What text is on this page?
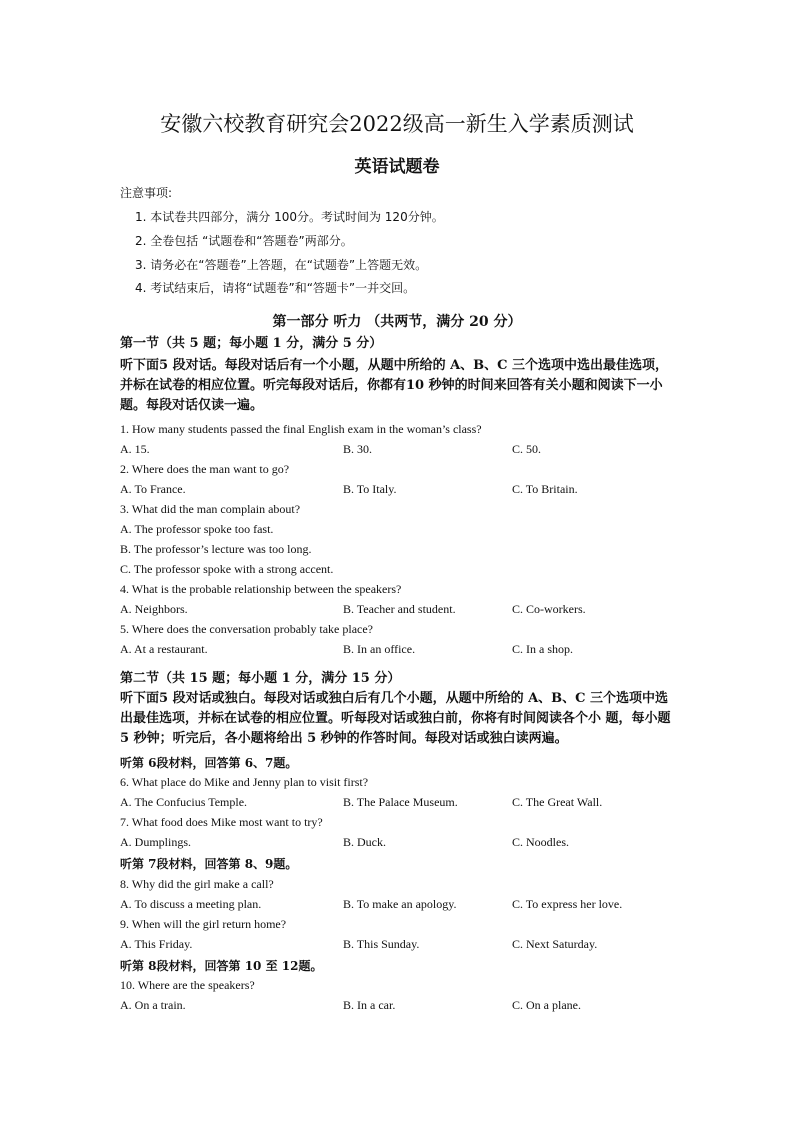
安徽六校教育研究会2022级高一新生入学素质测试
英语试题卷
注意事项:
1. 本试卷共四部分，满分 100分。考试时间为 120分钟。
2. 全卷包括 “试题卷和“答题卷”两部分。
3. 请务必在“答题卷”上答题，在“试题卷”上答题无效。
4. 考试结束后，请将“试题卷”和“答题卡”一并交回。
第一部分 听力 （共两节，满分 20 分）
第一节（共 5 题；每小题 1 分，满分 5 分）
听下面5 段对话。每段对话后有一个小题，从题中所给的 A、B、C 三个选项中选出最佳选项，并标在试卷的相应位置。听完每段对话后，你都有10 秒钟的时间来回答有关小题和阅读下一小题。每段对话仅读一遍。
1. How many students passed the final English exam in the woman’s class?
A. 15.	B. 30.	C. 50.
2. Where does the man want to go?
A. To France.	B. To Italy.	C. To Britain.
3. What did the man complain about?
A. The professor spoke too fast.
B. The professor’s lecture was too long.
C. The professor spoke with a strong accent.
4. What is the probable relationship between the speakers?
A. Neighbors.	B. Teacher and student.	C. Co-workers.
5. Where does the conversation probably take place?
A. At a restaurant.	B. In an office.	C. In a shop.
第二节（共 15 题；每小题 1 分，满分 15 分）
听下面5 段对话或独白。每段对话或独白后有几个小题，从题中所给的 A、B、C 三个选项中选出最佳选项，并标在试卷的相应位置。听每段对话或独白前，你将有时间阅读各个小 题，每小题 5 秒钟；听完后，各小题将给出 5 秒钟的作答时间。每段对话或独白读两遍。
听第 6段材料，回答第 6、7题。
6. What place do Mike and Jenny plan to visit first?
A. The Confucius Temple.	B. The Palace Museum.	C. The Great Wall.
7. What food does Mike most want to try?
A. Dumplings.	B. Duck.	C. Noodles.
听第 7段材料，回答第 8、9题。
8. Why did the girl make a call?
A. To discuss a meeting plan.	B. To make an apology.	C. To express her love.
9. When will the girl return home?
A. This Friday.	B. This Sunday.	C. Next Saturday.
听第 8段材料，回答第 10 至 12题。
10. Where are the speakers?
A. On a train.	B. In a car.	C. On a plane.
